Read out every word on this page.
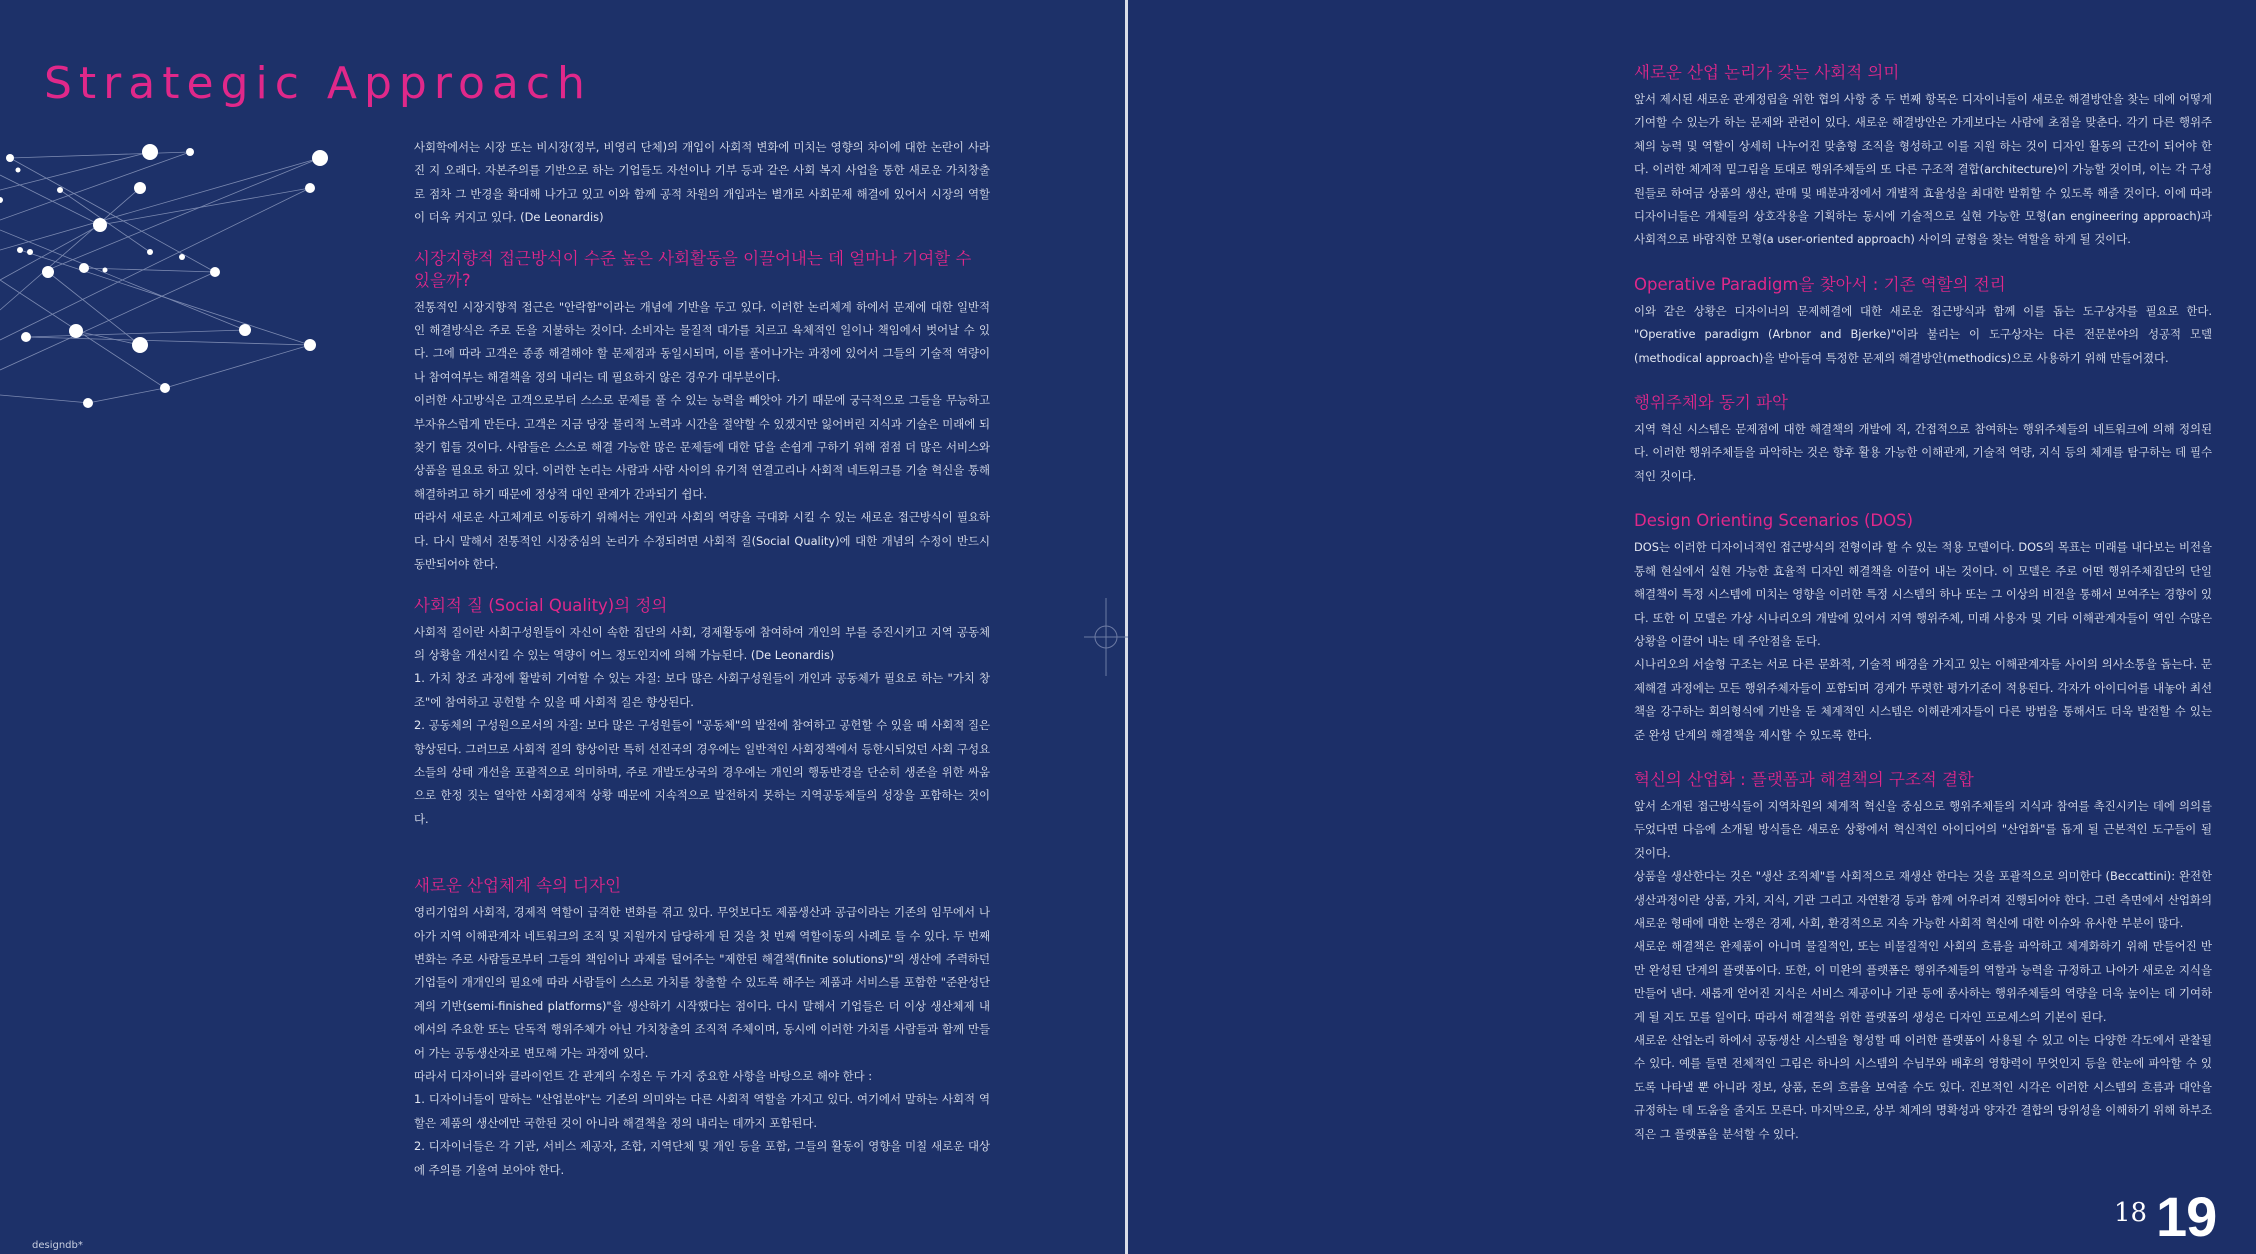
Strategic Approach

사회학에서는 시장 또는 비시장(정부, 비영리 단체)의 개입이 사회적 변화에 미치는 영향의 차이에 대한 논란이 사라진 지 오래다. 자본주의를 기반으로 하는 기업들도 자선이나 기부 등과 같은 사회 복지 사업을 통한 새로운 가치창출로 점차 그 반경을 확대해 나가고 있고 이와 함께 공적 차원의 개입과는 별개로 사회문제 해결에 있어서 시장의 역할이 더욱 커지고 있다. (De Leonardis)

시장지향적 접근방식이 수준 높은 사회활동을 이끌어내는 데 얼마나 기여할 수 있을까?

전통적인 시장지향적 접근은 "안락함"이라는 개념에 기반을 두고 있다. 이러한 논리체계 하에서 문제에 대한 일반적인 해결방식은 주로 돈을 지불하는 것이다. 소비자는 물질적 대가를 치르고 육체적인 일이나 책임에서 벗어날 수 있다. 그에 따라 고객은 종종 해결해야 할 문제점과 동일시되며, 이를 풀어나가는 과정에 있어서 그들의 기술적 역량이나 참여여부는 해결책을 정의 내리는 데 필요하지 않은 경우가 대부분이다.

이러한 사고방식은 고객으로부터 스스로 문제를 풀 수 있는 능력을 빼앗아 가기 때문에 궁극적으로 그들을 무능하고 부자유스럽게 만든다. 고객은 지금 당장 물리적 노력과 시간을 절약할 수 있겠지만 잃어버린 지식과 기술은 미래에 되찾기 힘들 것이다. 사람들은 스스로 해결 가능한 많은 문제들에 대한 답을 손쉽게 구하기 위해 점점 더 많은 서비스와 상품을 필요로 하고 있다. 이러한 논리는 사람과 사람 사이의 유기적 연결고리나 사회적 네트워크를 기술 혁신을 통해 해결하려고 하기 때문에 정상적 대인 관계가 간과되기 쉽다.

따라서 새로운 사고체계로 이동하기 위해서는 개인과 사회의 역량을 극대화 시킬 수 있는 새로운 접근방식이 필요하다. 다시 말해서 전통적인 시장중심의 논리가 수정되려면 사회적 질(Social Quality)에 대한 개념의 수정이 반드시 동반되어야 한다.

사회적 질 (Social Quality)의 정의

사회적 질이란 사회구성원들이 자신이 속한 집단의 사회, 경제활동에 참여하여 개인의 부를 증진시키고 지역 공동체의 상황을 개선시킬 수 있는 역량이 어느 정도인지에 의해 가늠된다. (De Leonardis)

1. 가치 창조 과정에 활발히 기여할 수 있는 자질: 보다 많은 사회구성원들이 개인과 공동체가 필요로 하는 "가치 창조"에 참여하고 공헌할 수 있을 때 사회적 질은 향상된다.

2. 공동체의 구성원으로서의 자질: 보다 많은 구성원들이 "공동체"의 발전에 참여하고 공헌할 수 있을 때 사회적 질은 향상된다. 그러므로 사회적 질의 향상이란 특히 선진국의 경우에는 일반적인 사회정책에서 등한시되었던 사회 구성요소들의 상태 개선을 포괄적으로 의미하며, 주로 개발도상국의 경우에는 개인의 행동반경을 단순히 생존을 위한 싸움으로 한정 짓는 열악한 사회경제적 상황 때문에 지속적으로 발전하지 못하는 지역공동체들의 성장을 포함하는 것이다.

새로운 산업체계 속의 디자인

영리기업의 사회적, 경제적 역할이 급격한 변화를 겪고 있다. 무엇보다도 제품생산과 공급이라는 기존의 임무에서 나아가 지역 이해관계자 네트워크의 조직 및 지원까지 담당하게 된 것을 첫 번째 역할이동의 사례로 들 수 있다. 두 번째 변화는 주로 사람들로부터 그들의 책임이나 과제를 덜어주는 "제한된 해결책(finite solutions)"의 생산에 주력하던 기업들이 개개인의 필요에 따라 사람들이 스스로 가치를 창출할 수 있도록 해주는 제품과 서비스를 포함한 "준완성단계의 기반(semi-finished platforms)"을 생산하기 시작했다는 점이다. 다시 말해서 기업들은 더 이상 생산체제 내에서의 주요한 또는 단독적 행위주체가 아닌 가치창출의 조직적 주체이며, 동시에 이러한 가치를 사람들과 함께 만들어 가는 공동생산자로 변모해 가는 과정에 있다.

따라서 디자이너와 클라이언트 간 관계의 수정은 두 가지 중요한 사항을 바탕으로 해야 한다 :

1. 디자이너들이 말하는 "산업분야"는 기존의 의미와는 다른 사회적 역할을 가지고 있다. 여기에서 말하는 사회적 역할은 제품의 생산에만 국한된 것이 아니라 해결책을 정의 내리는 데까지 포함된다.

2. 디자이너들은 각 기관, 서비스 제공자, 조합, 지역단체 및 개인 등을 포함, 그들의 활동이 영향을 미칠 새로운 대상에 주의를 기울여 보아야 한다.

designdb*
새로운 산업 논리가 갖는 사회적 의미

앞서 제시된 새로운 관계정립을 위한 협의 사항 중 두 번째 항목은 디자이너들이 새로운 해결방안을 찾는 데에 어떻게 기여할 수 있는가 하는 문제와 관련이 있다. 새로운 해결방안은 가게보다는 사람에 초점을 맞춘다. 각기 다른 행위주체의 능력 및 역할이 상세히 나누어진 맞춤형 조직을 형성하고 이를 지원 하는 것이 디자인 활동의 근간이 되어야 한다. 이러한 체계적 밑그림을 토대로 행위주체들의 또 다른 구조적 결합(architecture)이 가능할 것이며, 이는 각 구성원들로 하여금 상품의 생산, 판매 및 배분과정에서 개별적 효율성을 최대한 발휘할 수 있도록 해줄 것이다. 이에 따라 디자이너들은 개체들의 상호작용을 기획하는 동시에 기술적으로 실현 가능한 모형(an engineering approach)과 사회적으로 바람직한 모형(a user-oriented approach) 사이의 균형을 찾는 역할을 하게 될 것이다.

Operative Paradigm을 찾아서 : 기존 역할의 전리

이와 같은 상황은 디자이너의 문제해결에 대한 새로운 접근방식과 함께 이를 돕는 도구상자를 필요로 한다. "Operative paradigm (Arbnor and Bjerke)"이라 불리는 이 도구상자는 다른 전문분야의 성공적 모델(methodical approach)을 받아들여 특정한 문제의 해결방안(methodics)으로 사용하기 위해 만들어졌다.

행위주체와 동기 파악

지역 혁신 시스템은 문제점에 대한 해결책의 개발에 직, 간접적으로 참여하는 행위주체들의 네트워크에 의해 정의된다. 이러한 행위주체들을 파악하는 것은 향후 활용 가능한 이해관계, 기술적 역량, 지식 등의 체계를 탐구하는 데 필수적인 것이다.

Design Orienting Scenarios (DOS)

DOS는 이러한 디자이너적인 접근방식의 전형이라 할 수 있는 적용 모델이다. DOS의 목표는 미래를 내다보는 비전을 통해 현실에서 실현 가능한 효율적 디자인 해결책을 이끌어 내는 것이다. 이 모델은 주로 어떤 행위주체집단의 단일 해결책이 특정 시스템에 미치는 영향을 이러한 특정 시스템의 하나 또는 그 이상의 비전을 통해서 보여주는 경향이 있다. 또한 이 모델은 가상 시나리오의 개발에 있어서 지역 행위주체, 미래 사용자 및 기타 이해관계자들이 역인 수많은 상황을 이끌어 내는 데 주안점을 둔다.

시나리오의 서술형 구조는 서로 다른 문화적, 기술적 배경을 가지고 있는 이해관계자들 사이의 의사소통을 돕는다. 문제해결 과정에는 모든 행위주체자들이 포함되며 경계가 뚜렷한 평가기준이 적용된다. 각자가 아이디어를 내놓아 최선책을 강구하는 회의형식에 기반을 둔 체계적인 시스템은 이해관계자들이 다른 방법을 통해서도 더욱 발전할 수 있는 준 완성 단계의 해결책을 제시할 수 있도록 한다.

혁신의 산업화 : 플랫폼과 해결책의 구조적 결합

앞서 소개된 접근방식들이 지역차원의 체계적 혁신을 중심으로 행위주체들의 지식과 참여를 촉진시키는 데에 의의를 두었다면 다음에 소개될 방식들은 새로운 상황에서 혁신적인 아이디어의 "산업화"를 돕게 될 근본적인 도구들이 될 것이다.

상품을 생산한다는 것은 "생산 조직체"를 사회적으로 재생산 한다는 것을 포괄적으로 의미한다 (Beccattini): 완전한 생산과정이란 상품, 가치, 지식, 기관 그리고 자연환경 등과 함께 어우러져 진행되어야 한다. 그런 측면에서 산업화의 새로운 형태에 대한 논쟁은 경제, 사회, 환경적으로 지속 가능한 사회적 혁신에 대한 이슈와 유사한 부분이 많다.

새로운 해결책은 완제품이 아니며 물질적인, 또는 비물질적인 사회의 흐름을 파악하고 체계화하기 위해 만들어진 반만 완성된 단계의 플랫폼이다. 또한, 이 미완의 플랫폼은 행위주체들의 역할과 능력을 규정하고 나아가 새로운 지식을 만들어 낸다. 새롭게 얻어진 지식은 서비스 제공이나 기관 등에 종사하는 행위주체들의 역량을 더욱 높이는 데 기여하게 될 지도 모를 일이다. 따라서 해결책을 위한 플랫폼의 생성은 디자인 프로세스의 기본이 된다.

새로운 산업논리 하에서 공동생산 시스템을 형성할 때 이러한 플랫폼이 사용될 수 있고 이는 다양한 각도에서 관찰될 수 있다. 예를 들면 전체적인 그림은 하나의 시스템의 수님부와 배후의 영향력이 무엇인지 등을 한눈에 파악할 수 있도록 나타낼 뿐 아니라 정보, 상품, 돈의 흐름을 보여줄 수도 있다. 진보적인 시각은 이러한 시스템의 흐름과 대안을 규정하는 데 도움을 줄지도 모른다. 마지막으로, 상부 체계의 명확성과 양자간 결합의 당위성을 이해하기 위해 하부조직은 그 플랫폼을 분석할 수 있다.

18 19
